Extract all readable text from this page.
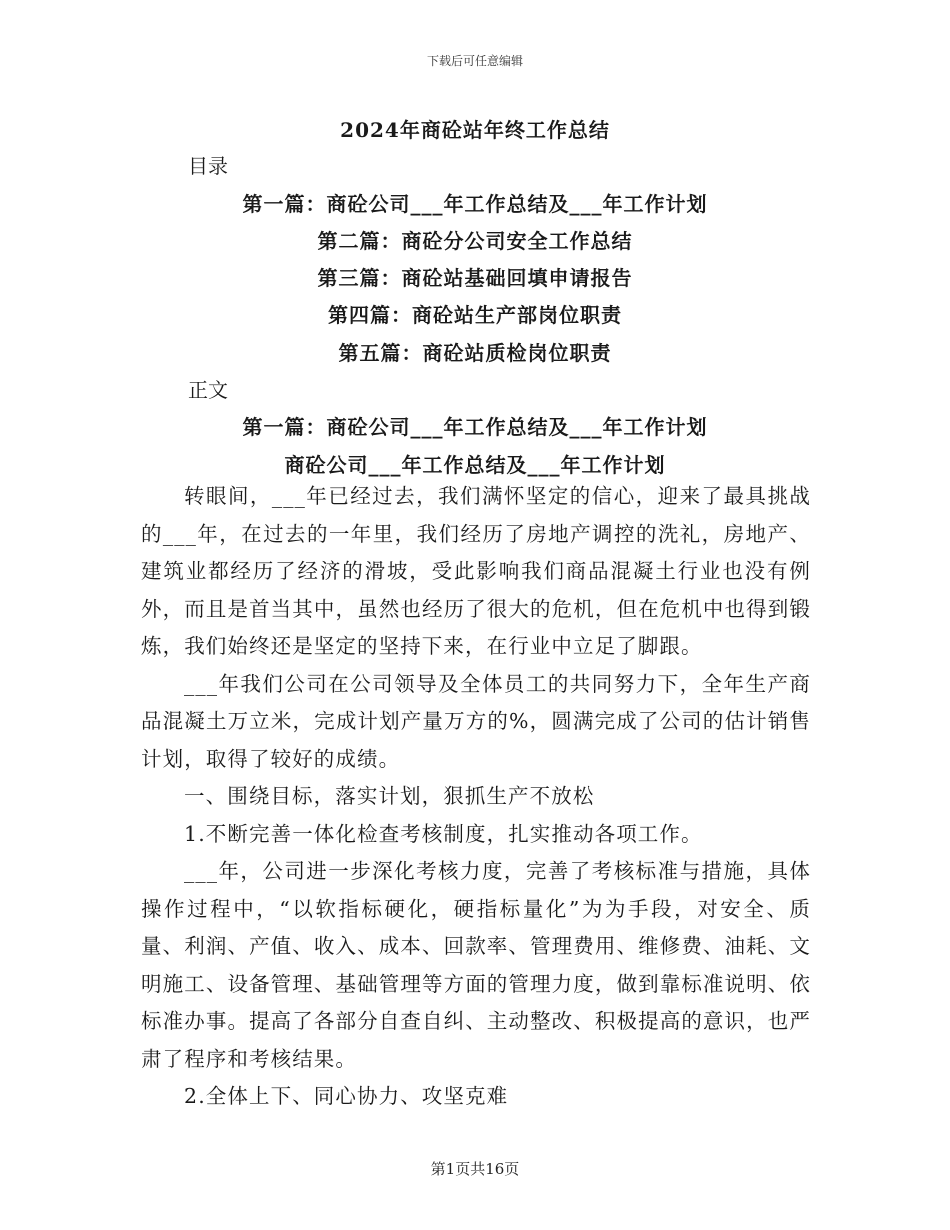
下载后可任意编辑
2024年商砼站年终工作总结
目录
第一篇：商砼公司___年工作总结及___年工作计划
第二篇：商砼分公司安全工作总结
第三篇：商砼站基础回填申请报告
第四篇：商砼站生产部岗位职责
第五篇：商砼站质检岗位职责
正文
第一篇：商砼公司___年工作总结及___年工作计划
商砼公司___年工作总结及___年工作计划

转眼间，___年已经过去，我们满怀坚定的信心，迎来了最具挑战的___年，在过去的一年里，我们经历了房地产调控的洗礼，房地产、建筑业都经历了经济的滑坡，受此影响我们商品混凝土行业也没有例外，而且是首当其中，虽然也经历了很大的危机，但在危机中也得到锻炼，我们始终还是坚定的坚持下来，在行业中立足了脚跟。

___年我们公司在公司领导及全体员工的共同努力下，全年生产商品混凝土万立米，完成计划产量万方的%，圆满完成了公司的估计销售计划，取得了较好的成绩。

一、围绕目标，落实计划，狠抓生产不放松

1.不断完善一体化检查考核制度，扎实推动各项工作。

___年，公司进一步深化考核力度，完善了考核标准与措施，具体操作过程中，“以软指标硬化，硬指标量化”为为手段，对安全、质量、利润、产值、收入、成本、回款率、管理费用、维修费、油耗、文明施工、设备管理、基础管理等方面的管理力度，做到靠标准说明、依标准办事。提高了各部分自查自纠、主动整改、积极提高的意识，也严肃了程序和考核结果。

2.全体上下、同心协力、攻坚克难

第1页共16页
